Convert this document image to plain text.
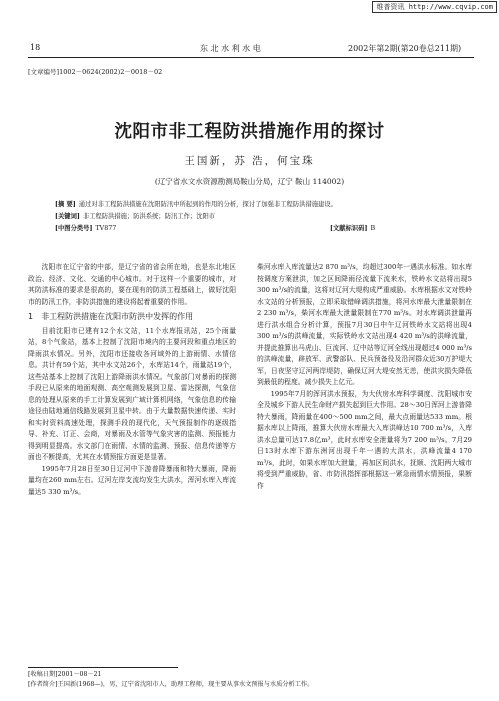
维普资讯 http://www.cqvip.com
18	东 北 水 利 水 电	2002年第2期(第20卷总211期)
[文章编号]1002－0624(2002)2－0018－02
沈阳市非工程防洪措施作用的探讨
王国新，苏 浩，何宝珠
(辽宁省水文水资源勘测局鞍山分局，辽宁 鞍山 114002)
[摘 要] 通过对非工程防洪措施在沈阳防汛中所起到的作用的分析，探讨了加强非工程防洪措施建设。
[关键词] 非工程防洪措施；防洪系统；防汛工作；沈阳市
[中图分类号] TV877	[文献标识码] B

沈阳市在辽宁省的中部，是辽宁省的省会所在地，也是东北地区政治、经济、文化、交通的中心城市。对于这样一个重要的城市，对其防洪标准的要求是很高的，要在现有的防洪工程基础上，做好沈阳市的防汛工作，非防洪措施的建设将起着重要的作用。

1　非工程防洪措施在沈阳市防洪中发挥的作用

目前沈阳市已建有12个水文站，11个水库报讯站，25个雨量站，8个气象站，基本上控制了沈阳市境内的主要河段和重点地区的降雨洪水情况。另外，沈阳市还接收各河域外的上游雨情、水情信息。共计有59个站，其中水文站26个，水库站14个，雨量站19个，这些站基本上控制了沈阳上游降雨洪水情况。气象部门对暴雨的探测手段已从原来的地面观测、高空观测发展到卫星、雷达探测，气象信息的处理从原来的手工计算发展到广域计算机网络，气象信息的传输途径由陆地通信线路发展到卫星中转。由于大量数据快速传递、实时和实时资料高速处理，探测手段的现代化，天气预报制作的逐级指导、补充、订正、会商，对暴雨及水管等气象灾害的监测、预报能力得到明显提高。水文部门在雨情、水情的监测、预报、信息传递等方面也不断提高，尤其在水情预报方面更是显著。

1995年7月28日至30日辽河中下游普降暴雨和特大暴雨，降雨量均在260 mm左右。辽河左岸支流均发生大洪水，浑河水库入库流量达5 330 m³/s。

柴河水库入库流量达2 870 m³/s，均超过300年一遇洪水标准。如水库按调度方案泄洪，加之区间降雨径流量下流来水，铁岭水文站将出现5 300 m³/s的流量，这将对辽河大堤构成严重威胁。水库根据水文对铁岭水文站的分析预报，立即采取错峰调洪措施，将河水库最大泄量限制在2 230 m³/s，柴河水库最大泄量限制在770 m³/s。对水库调洪泄量再进行洪水组合分析计算，预报7月30日中午辽河铁岭水文站将出现4 300 m³/s的洪峰流量，实际铁岭水文站出现4 420 m³/s的洪峰流量，并提此推算出马虎山、巨流河、辽中站等辽河全线出现超过4 000 m³/s的洪峰流量，辟放军、武警部队、民兵预备役及沿河群众近30万护堤大军，日夜坚守辽河两岸堤防，确保辽河大堤安然无恙，使洪灾损失降低到最低的程度。减少损失上亿元。

1995年7月的浑河洪水预报，为大伙房水库科学调度、沈阳城市安全及城乡下游人民生命财产损失起到巨大作用。28～30日浑河上游普降特大暴雨，降雨量在400～500 mm之间，最大点雨量达533 mm。根据水库以上降雨，推算大伙房水库最大入库洪峰达10 700 m³/s，入库洪水总量可达17.8亿m³，此时水库安全泄量将为7 200 m³/s。7月29日13时水库下游东洲河出现千年一遇的大洪水，洪峰流量4 170 m³/s，此时，如果水库加大泄量，再加区间洪水，抚顺、沈阳两大城市将受到严重威胁，省、市防汛指挥部根据这一紧急雨情水情预报，果断作

[收稿日期]2001－08－21
[作者简介]王国新(1968—)，男，辽宁省沈阳市人，助理工程师，现主要从事水文预报与水质分析工作。
